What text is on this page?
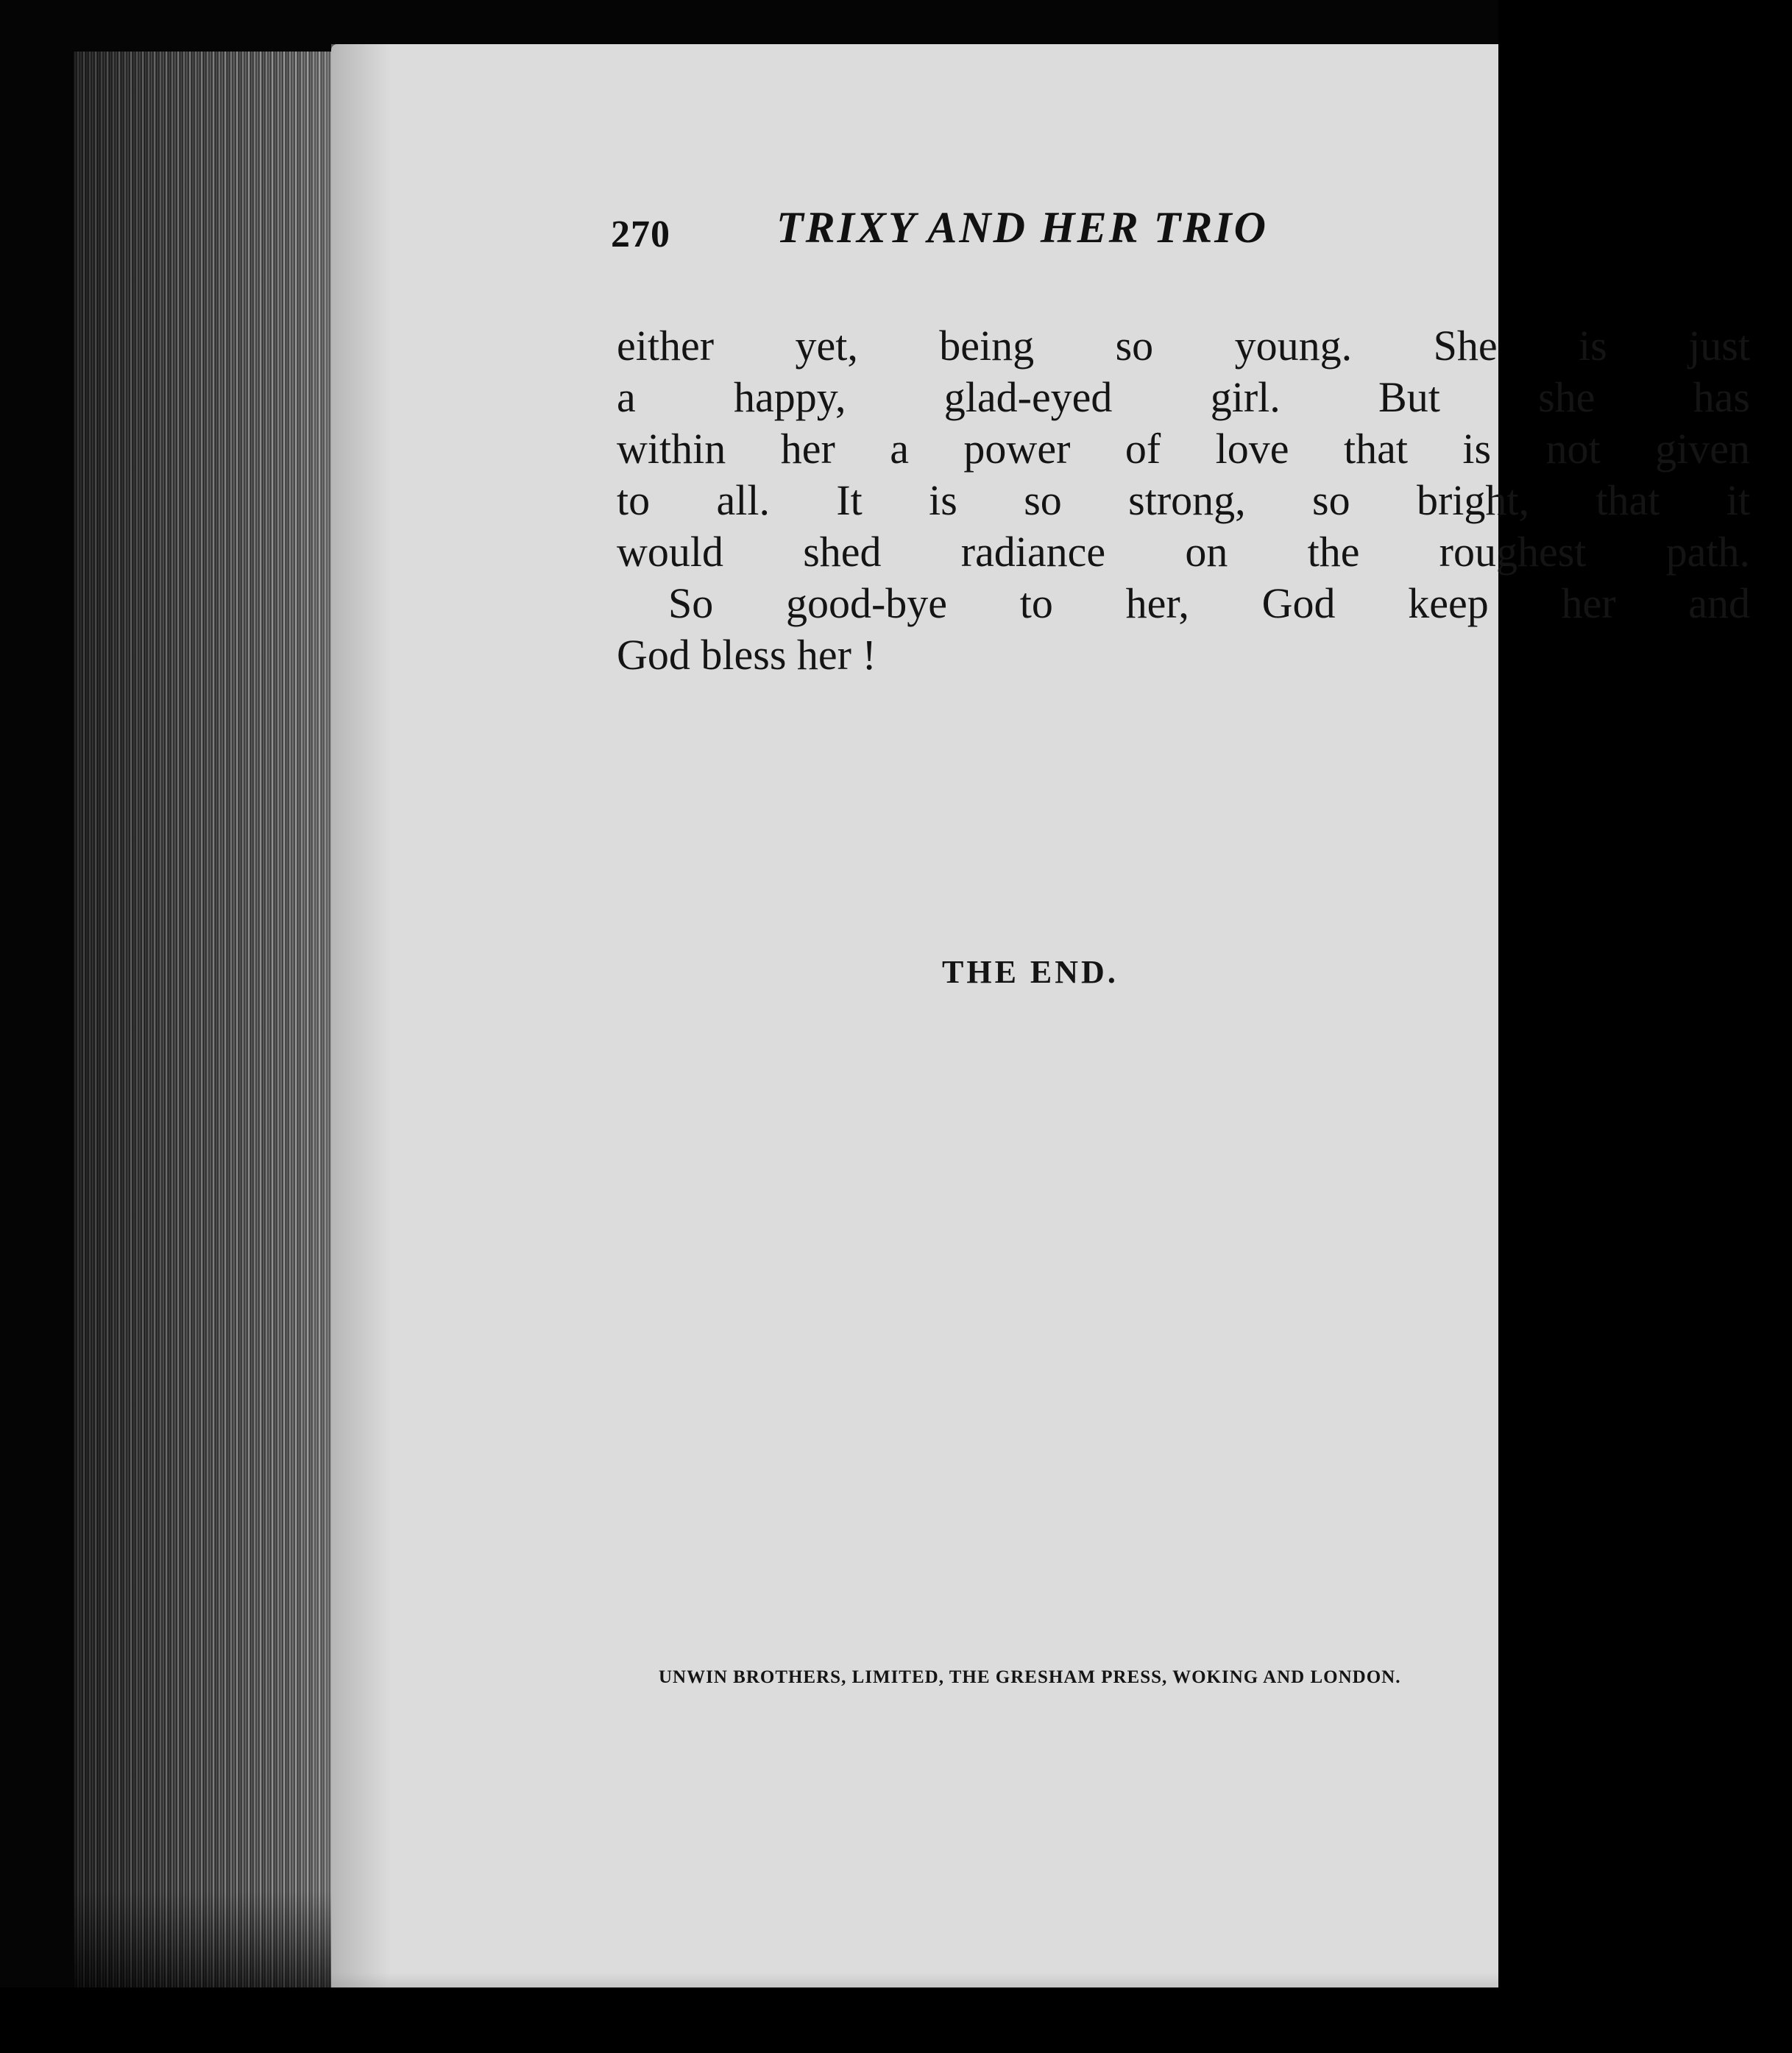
270 TRIXY AND HER TRIO
either yet, being so young. She is just
a happy, glad-eyed girl. But she has
within her a power of love that is not given
to all. It is so strong, so bright, that it
would shed radiance on the roughest path.
So good-bye to her, God keep her and
God bless her !
THE END.
UNWIN BROTHERS, LIMITED, THE GRESHAM PRESS, WOKING AND LONDON.
